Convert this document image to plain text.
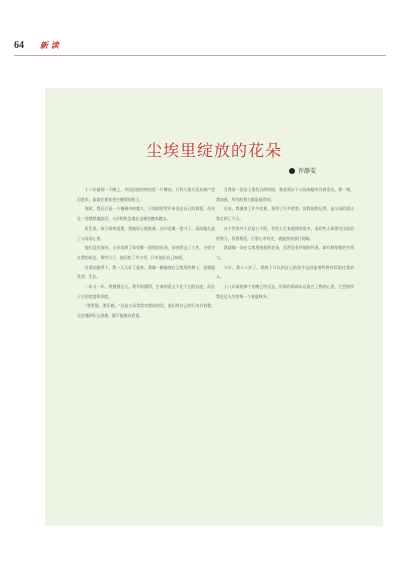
64 新 读
尘埃里绽放的花朵
许静雯

十八年前的一个晚上，市民医院的病房里一片嘈杂。只有几束月光从窗户里泻进来，流淌在那张苍白瘦削的脸上。

那时，我还只是一个襁褓中的婴儿，只知道用哭声来表达自己的需要。母亲在一旁默默地流泪，父亲则焦急地在走廊里踱来踱去。

医生说，孩子的病很重，要做好心理准备。这句话像一把刀子，深深地扎进了父母的心里。

他们没有放弃。父亲卖掉了家里唯一值钱的东西，母亲辞去了工作，日夜守在我的床边。那些日子，他们吃了多少苦，只有他们自己知道。

在爱的滋养下，我一天天好了起来。我像一颗被埋在尘埃里的种子，顽强地发芽、生长。

一年又一年，我慢慢长大。我开始懂得，生命的意义不在于它的长度，而在于它的宽度和厚度。

“要坚强，要乐观。”这是父母常常对我说的话。他们用自己的行动告诉我，无论遇到什么困难，都不能放弃希望。

当我第一次站上领奖台的时候，我看到台下父母的眼中闪着泪光。那一刻，我知道，所有的努力都是值得的。

后来，我参加了许多比赛，获得了许多荣誉。但我始终记得，是父母的爱让我走到了今天。

这个世界并不总是公平的，有些人生来就拥有很多，而有些人却要付出加倍的努力。但我相信，只要心中有光，就能照亮前行的路。

我就像一朵在尘埃里绽放的花朵，虽然没有华丽的外表，却有着坚韧的生命力。

今年，我十八岁了。我终于可以用自己的双手去回报那些曾经帮助过我的人。

十八年前的那个夜晚已经远去，但那份爱却永远留在了我的心里。它会陪伴我走过人生的每一个春夏秋冬。
